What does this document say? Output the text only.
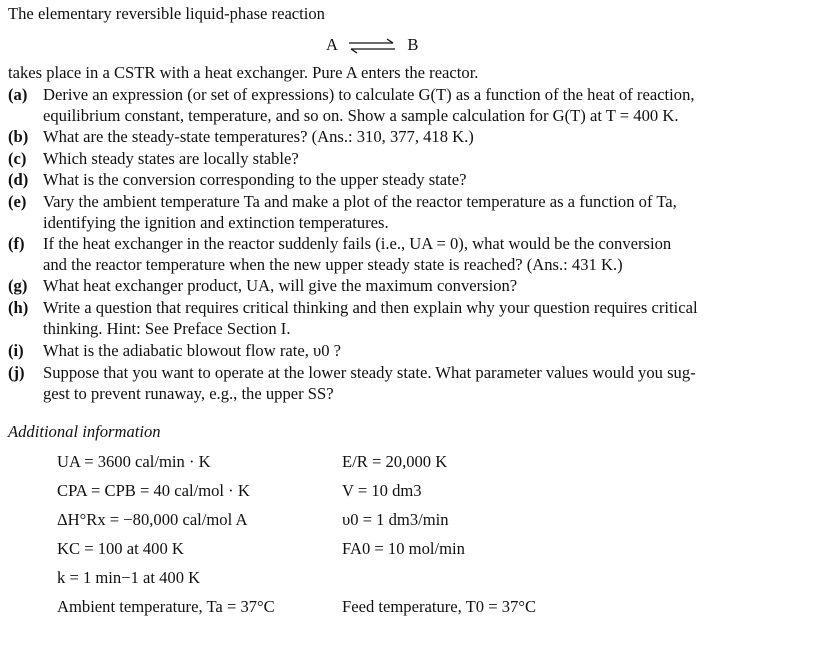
The elementary reversible liquid-phase reaction
A ⇌ B
takes place in a CSTR with a heat exchanger. Pure A enters the reactor.
(a) Derive an expression (or set of expressions) to calculate G(T) as a function of the heat of reaction,
equilibrium constant, temperature, and so on. Show a sample calculation for G(T) at T = 400 K.
(b) What are the steady-state temperatures? (Ans.: 310, 377, 418 K.)
(c) Which steady states are locally stable?
(d) What is the conversion corresponding to the upper steady state?
(e) Vary the ambient temperature Ta and make a plot of the reactor temperature as a function of Ta,
identifying the ignition and extinction temperatures.
(f) If the heat exchanger in the reactor suddenly fails (i.e., UA = 0), what would be the conversion
and the reactor temperature when the new upper steady state is reached? (Ans.: 431 K.)
(g) What heat exchanger product, UA, will give the maximum conversion?
(h) Write a question that requires critical thinking and then explain why your question requires critical
thinking. Hint: See Preface Section I.
(i) What is the adiabatic blowout flow rate, υ0 ?
(j) Suppose that you want to operate at the lower steady state. What parameter values would you sug-
gest to prevent runaway, e.g., the upper SS?
Additional information
UA = 3600 cal/min · K
CPA = CPB = 40 cal/mol · K
ΔH°Rx = −80,000 cal/mol A
KC = 100 at 400 K
k = 1 min−1 at 400 K
Ambient temperature, Ta = 37°C
E/R = 20,000 K
V = 10 dm3
υ0 = 1 dm3/min
FA0 = 10 mol/min
Feed temperature, T0 = 37°C
